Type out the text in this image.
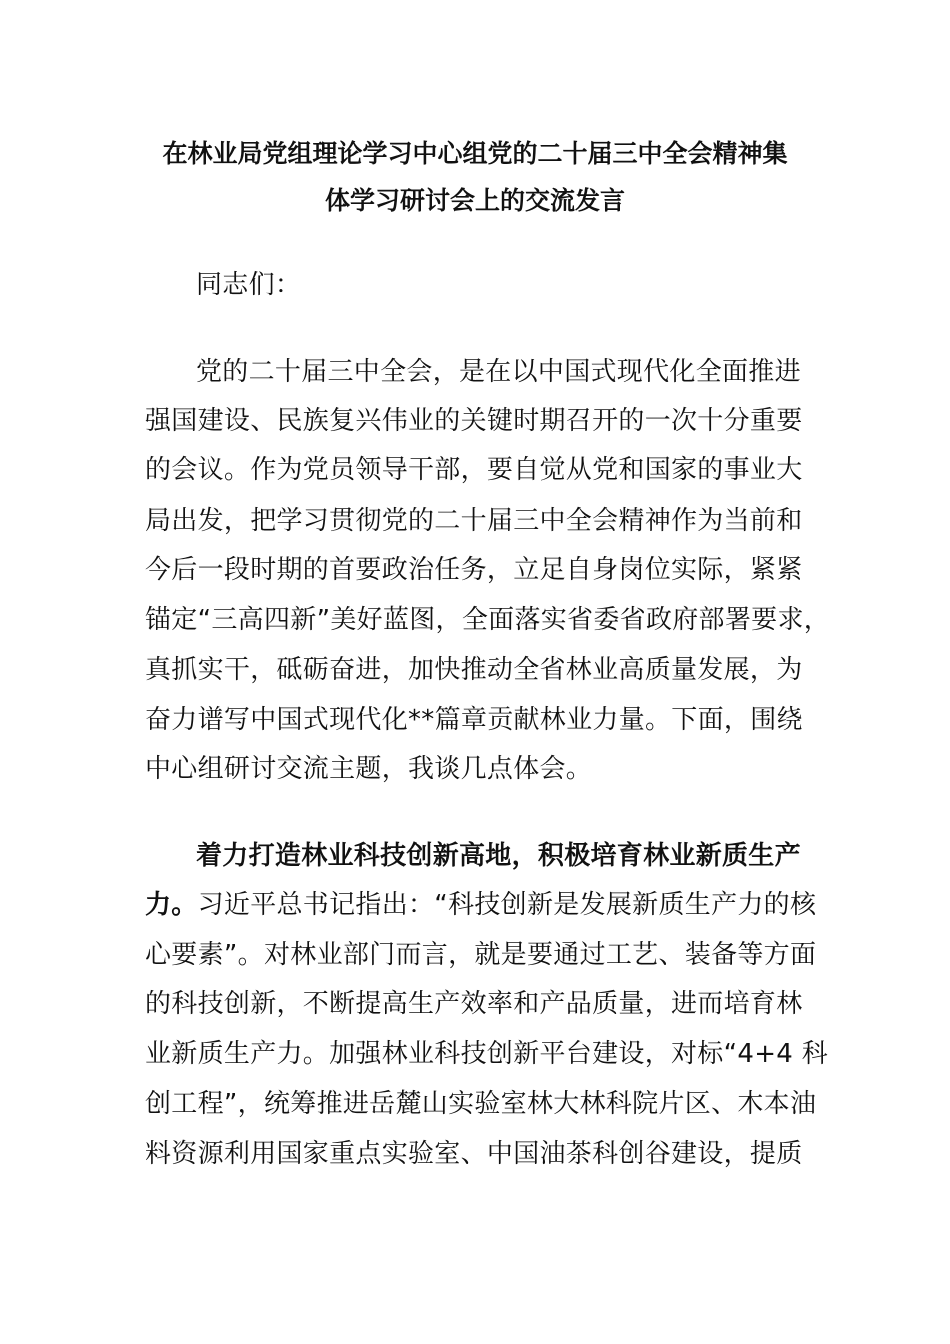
在林业局党组理论学习中心组党的二十届三中全会精神集
体学习研讨会上的交流发言
同志们：
党的二十届三中全会，是在以中国式现代化全面推进
强国建设、民族复兴伟业的关键时期召开的一次十分重要
的会议。作为党员领导干部，要自觉从党和国家的事业大
局出发，把学习贯彻党的二十届三中全会精神作为当前和
今后一段时期的首要政治任务，立足自身岗位实际，紧紧
锚定“三高四新”美好蓝图，全面落实省委省政府部署要求，
真抓实干，砥砺奋进，加快推动全省林业高质量发展，为
奋力谱写中国式现代化**篇章贡献林业力量。下面，围绕
中心组研讨交流主题，我谈几点体会。
着力打造林业科技创新高地，积极培育林业新质生产
力。习近平总书记指出：“科技创新是发展新质生产力的核
心要素”。对林业部门而言，就是要通过工艺、装备等方面
的科技创新，不断提高生产效率和产品质量，进而培育林
业新质生产力。加强林业科技创新平台建设，对标“4+4 科
创工程”，统筹推进岳麓山实验室林大林科院片区、木本油
料资源利用国家重点实验室、中国油茶科创谷建设，提质
